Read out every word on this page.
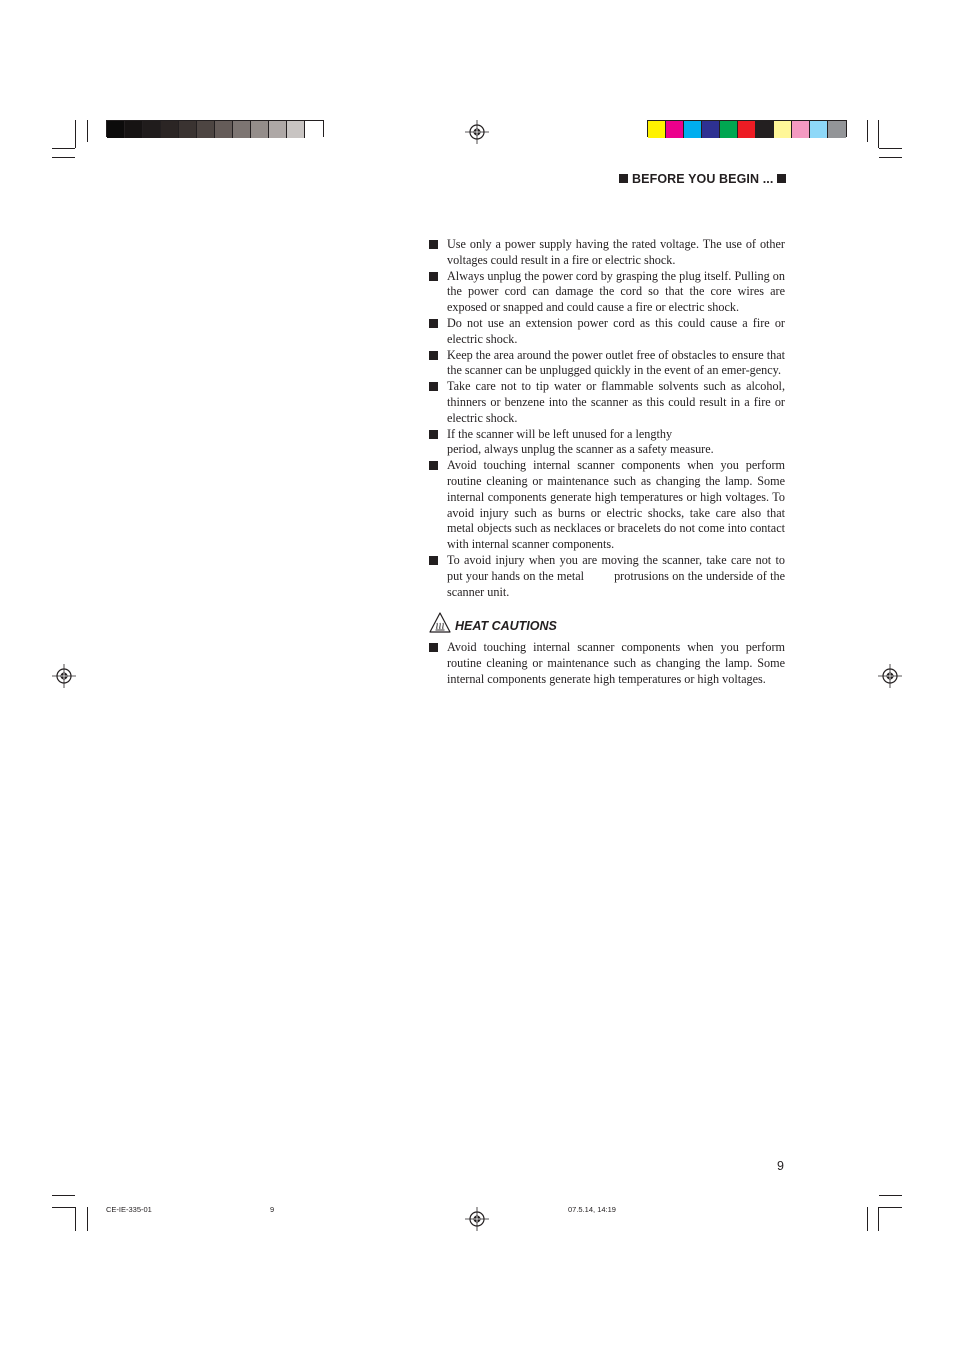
BEFORE YOU BEGIN ...
Use only a power supply having the rated voltage. The use of other voltages could result in a fire or electric shock.
Always unplug the power cord by grasping the plug itself. Pulling on the power cord can damage the cord so that the core wires are exposed or snapped and could cause a fire or electric shock.
Do not use an extension power cord as this could cause a fire or electric shock.
Keep the area around the power outlet free of obstacles to ensure that the scanner can be unplugged quickly in the event of an emer-gency.
Take care not to tip water or flammable solvents such as alcohol, thinners or benzene into the scanner as this could result in a fire or electric shock.
If the scanner will be left unused for a lengthy
period, always unplug the scanner as a safety measure.
Avoid touching internal scanner components when you perform routine cleaning or maintenance such as changing the lamp. Some internal components generate high temperatures or high voltages. To avoid injury such as burns or electric shocks, take care also that metal objects such as necklaces or bracelets do not come into contact with internal scanner components.
To avoid injury when you are moving the scanner, take care not to put your hands on the metal protrusions on the underside of the scanner unit.
HEAT CAUTIONS
Avoid touching internal scanner components when you perform routine cleaning or maintenance such as changing the lamp. Some internal components generate high temperatures or high voltages.
9
CE-IE-335-01	9	07.5.14, 14:19
